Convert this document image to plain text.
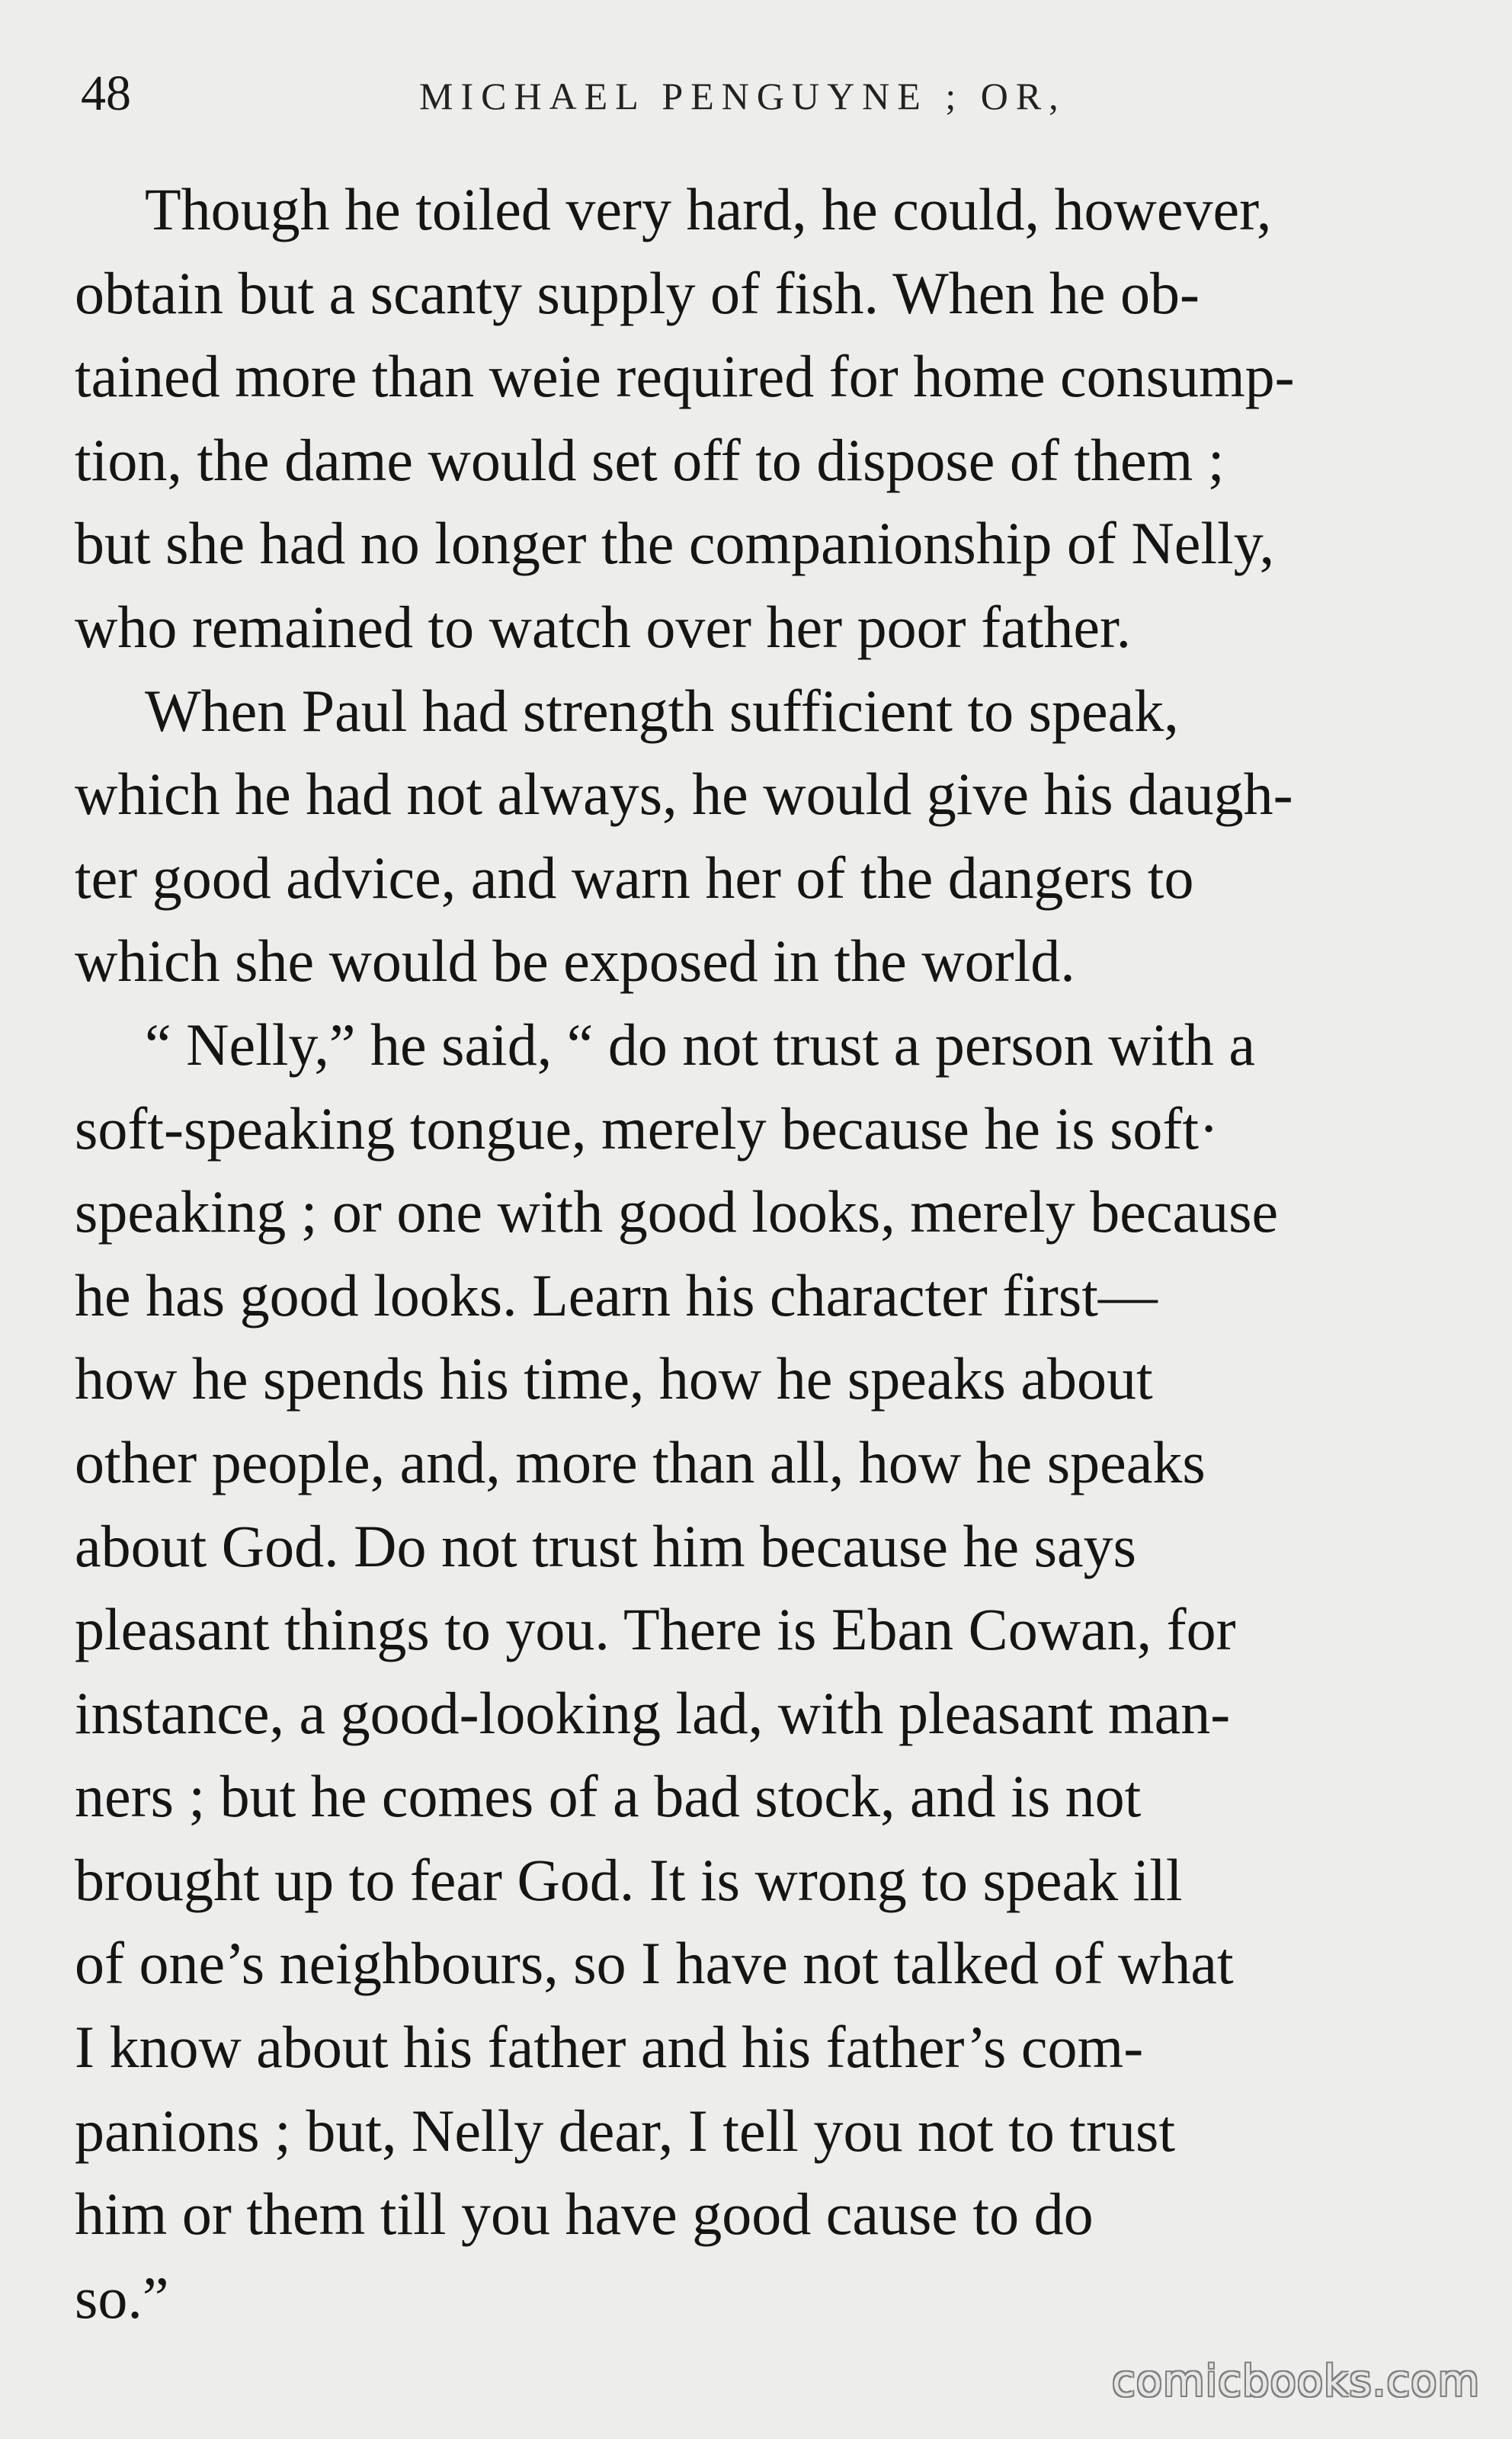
48	MICHAEL PENGUYNE ; OR,
Though he toiled very hard, he could, however,
obtain but a scanty supply of fish. When he ob-
tained more than weie required for home consump-
tion, the dame would set off to dispose of them ;
but she had no longer the companionship of Nelly,
who remained to watch over her poor father.
When Paul had strength sufficient to speak,
which he had not always, he would give his daugh-
ter good advice, and warn her of the dangers to
which she would be exposed in the world.
“ Nelly,” he said, “ do not trust a person with a
soft-speaking tongue, merely because he is soft·
speaking ; or one with good looks, merely because
he has good looks. Learn his character first—
how he spends his time, how he speaks about
other people, and, more than all, how he speaks
about God. Do not trust him because he says
pleasant things to you. There is Eban Cowan, for
instance, a good-looking lad, with pleasant man-
ners ; but he comes of a bad stock, and is not
brought up to fear God. It is wrong to speak ill
of one’s neighbours, so I have not talked of what
I know about his father and his father’s com-
panions ; but, Nelly dear, I tell you not to trust
him or them till you have good cause to do
so.”
comicbooks.com
